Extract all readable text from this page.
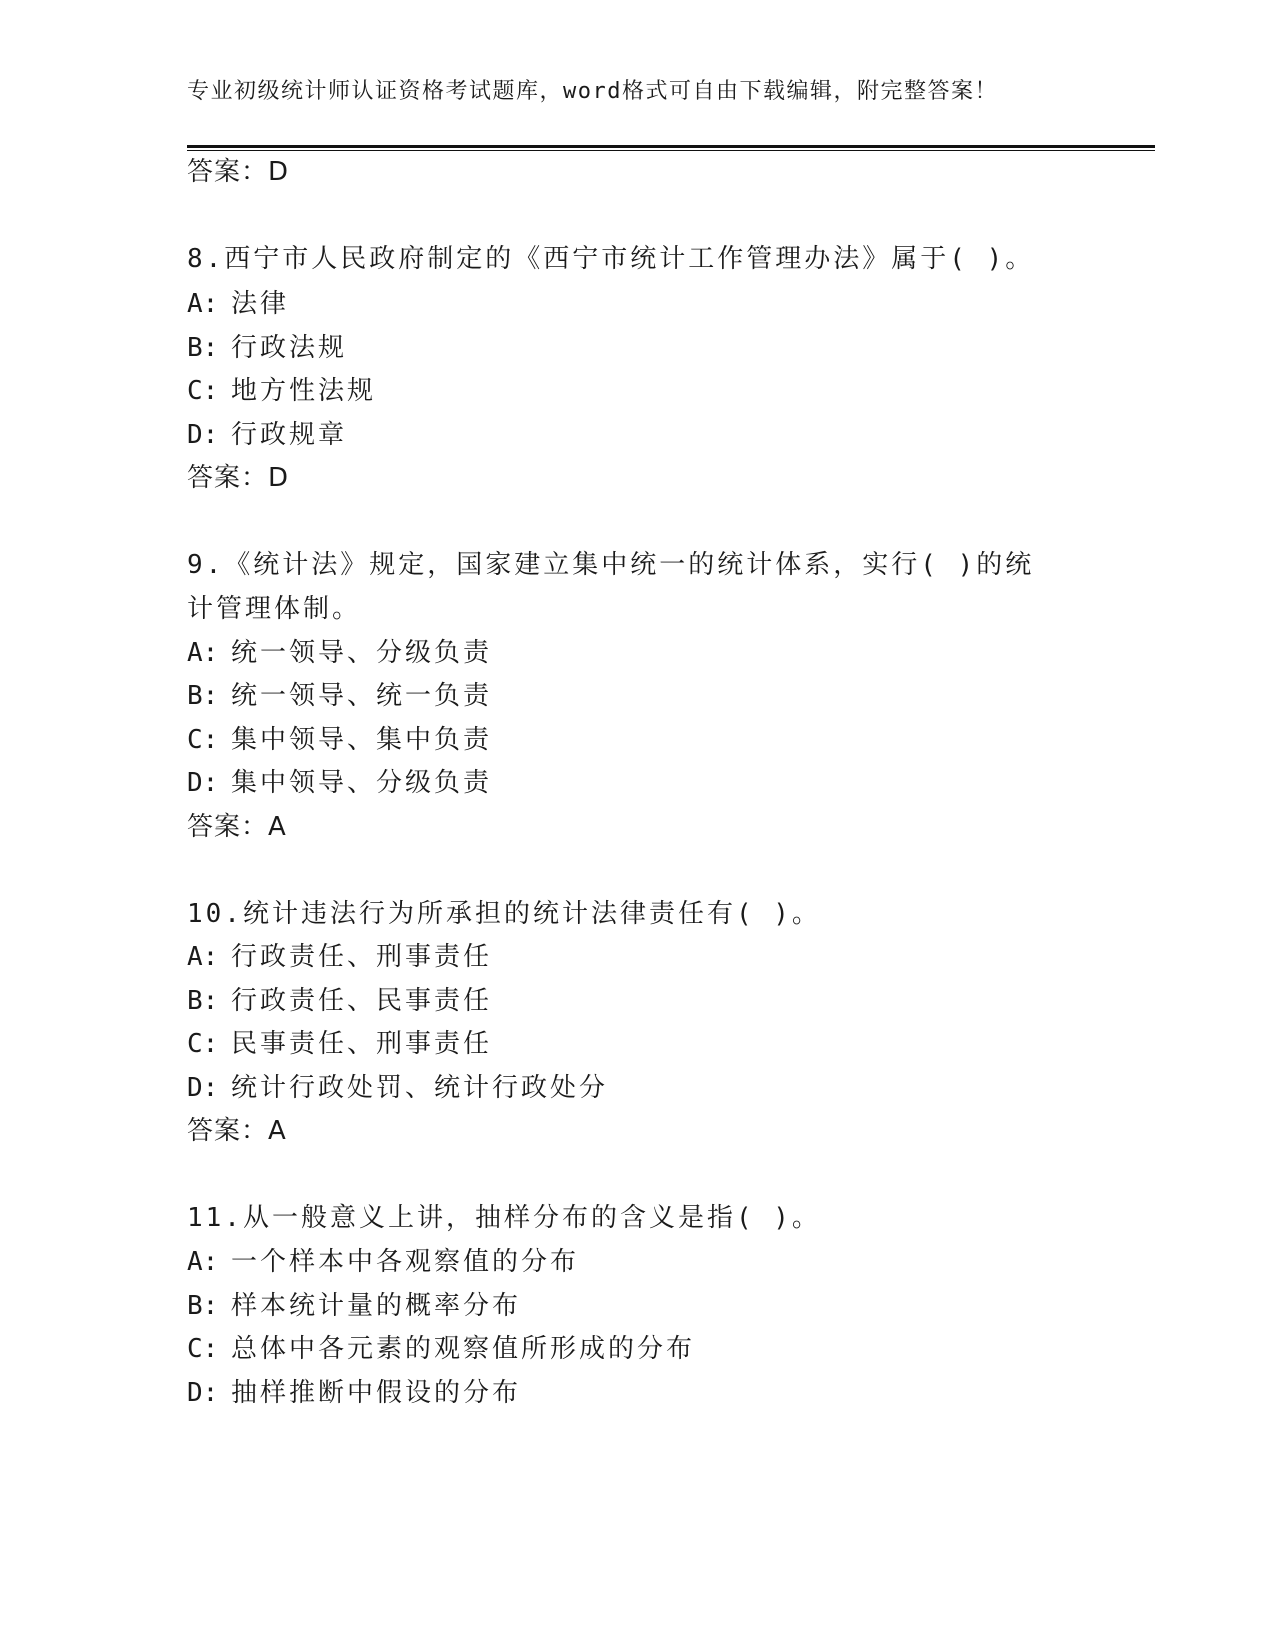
专业初级统计师认证资格考试题库，word格式可自由下载编辑，附完整答案！
答案：D
8.西宁市人民政府制定的《西宁市统计工作管理办法》属于( )。
A: 法律
B: 行政法规
C: 地方性法规
D: 行政规章
答案：D
9.《统计法》规定，国家建立集中统一的统计体系，实行( )的统
计管理体制。
A: 统一领导、分级负责
B: 统一领导、统一负责
C: 集中领导、集中负责
D: 集中领导、分级负责
答案：A
10.统计违法行为所承担的统计法律责任有( )。
A: 行政责任、刑事责任
B: 行政责任、民事责任
C: 民事责任、刑事责任
D: 统计行政处罚、统计行政处分
答案：A
11.从一般意义上讲，抽样分布的含义是指( )。
A: 一个样本中各观察值的分布
B: 样本统计量的概率分布
C: 总体中各元素的观察值所形成的分布
D: 抽样推断中假设的分布
